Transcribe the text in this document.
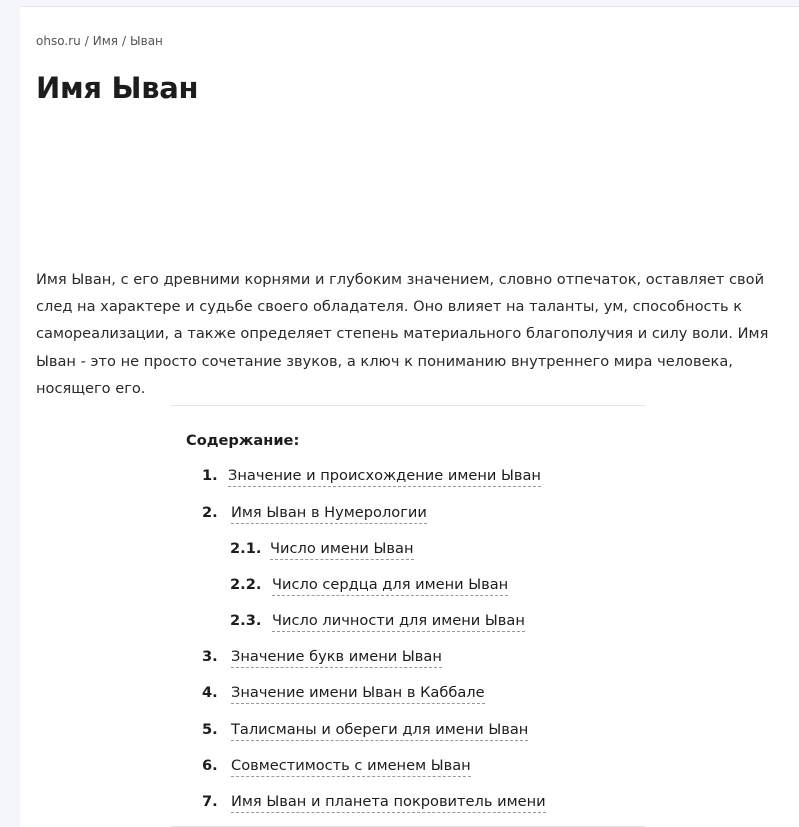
ohso.ru / Имя / Ыван
Имя Ыван

Имя Ыван, с его древними корнями и глубоким значением, словно отпечаток, оставляет свой след на характере и судьбе своего обладателя. Оно влияет на таланты, ум, способность к самореализации, а также определяет степень материального благополучия и силу воли. Имя Ыван - это не просто сочетание звуков, а ключ к пониманию внутреннего мира человека, носящего его.

Содержание:
1. Значение и происхождение имени Ыван
2. Имя Ыван в Нумерологии
2.1. Число имени Ыван
2.2. Число сердца для имени Ыван
2.3. Число личности для имени Ыван
3. Значение букв имени Ыван
4. Значение имени Ыван в Каббале
5. Талисманы и обереги для имени Ыван
6. Совместимость с именем Ыван
7. Имя Ыван и планета покровитель имени
